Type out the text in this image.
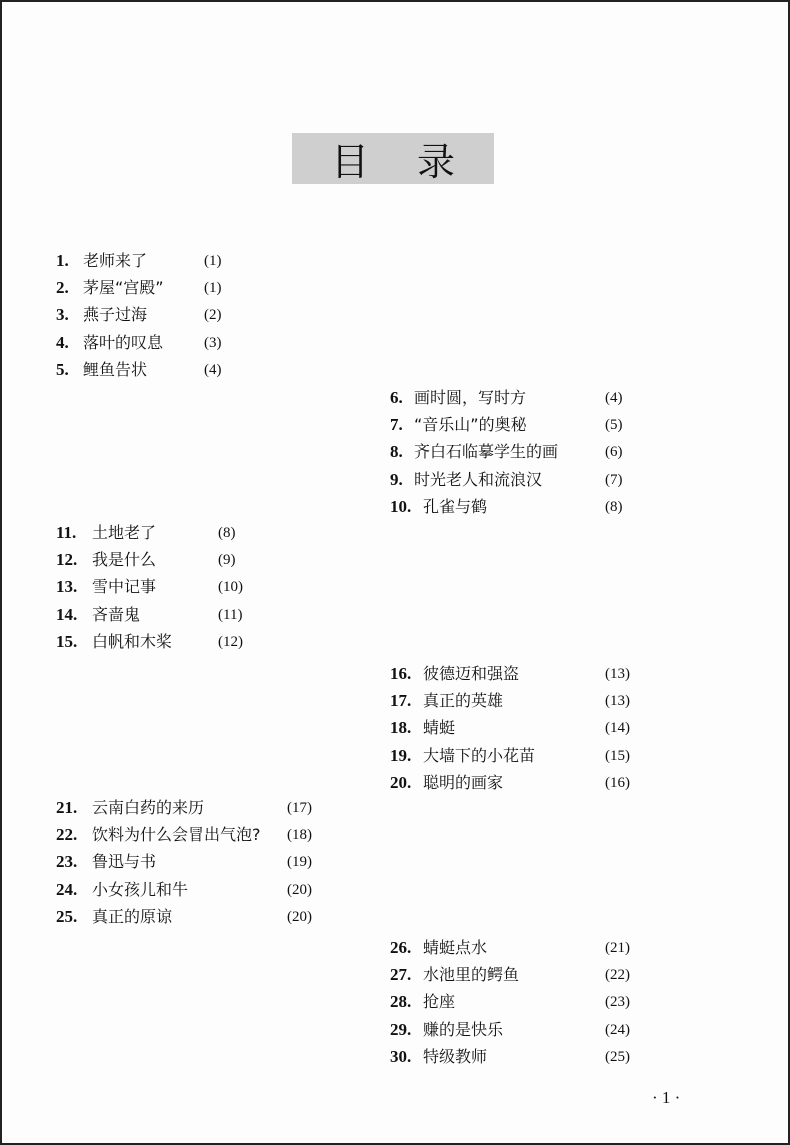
目录
1. 老师来了	(1)
2. 茅屋“宫殿”	(1)
3. 燕子过海	(2)
4. 落叶的叹息	(3)
5. 鲤鱼告状	(4)
6. 画时圆，写时方	(4)
7. “音乐山”的奥秘	(5)
8. 齐白石临摹学生的画	(6)
9. 时光老人和流浪汉	(7)
10. 孔雀与鹤	(8)
11. 土地老了	(8)
12. 我是什么	(9)
13. 雪中记事	(10)
14. 吝啬鬼	(11)
15. 白帆和木桨	(12)
16. 彼德迈和强盗	(13)
17. 真正的英雄	(13)
18. 蜻蜓	(14)
19. 大墙下的小花苗	(15)
20. 聪明的画家	(16)
21. 云南白药的来历	(17)
22. 饮料为什么会冒出气泡? (18)
23. 鲁迅与书	(19)
24. 小女孩儿和牛	(20)
25. 真正的原谅	(20)
26. 蜻蜓点水	(21)
27. 水池里的鳄鱼	(22)
28. 抢座	(23)
29. 赚的是快乐	(24)
30. 特级教师	(25)
· 1 ·
